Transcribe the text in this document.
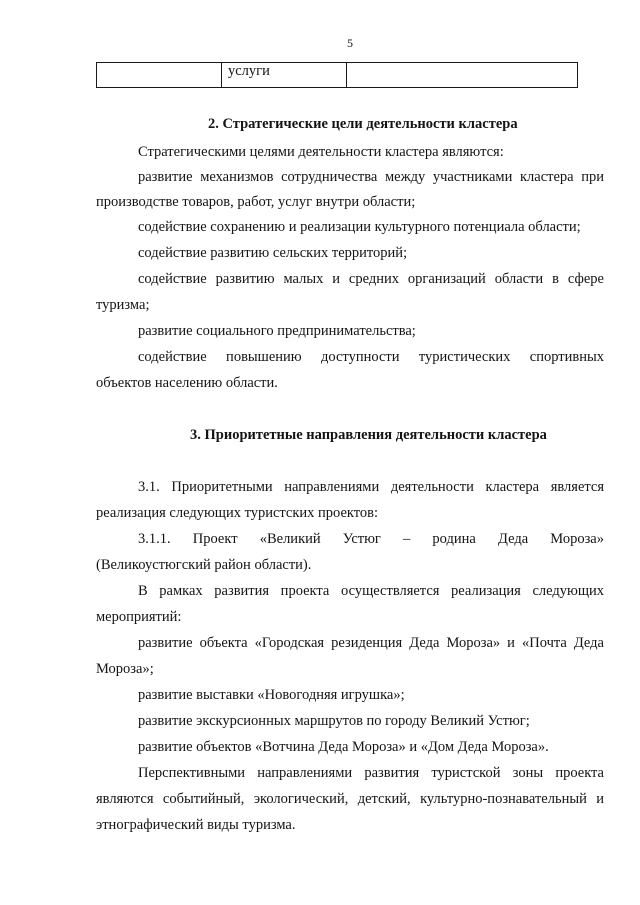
5
	услуги	
2. Стратегические цели деятельности кластера
Стратегическими целями деятельности кластера являются:
развитие механизмов сотрудничества между участниками кластера при
производстве товаров, работ, услуг внутри области;
содействие сохранению и реализации культурного потенциала области;
содействие развитию сельских территорий;
содействие развитию малых и средних организаций области в сфере
туризма;
развитие социального предпринимательства;
содействие повышению доступности туристических спортивных
объектов населению области.
3. Приоритетные направления деятельности кластера
3.1. Приоритетными направлениями деятельности кластера является
реализация следующих туристских проектов:
3.1.1. Проект «Великий Устюг – родина Деда Мороза»
(Великоустюгский район области).
В рамках развития проекта осуществляется реализация следующих
мероприятий:
развитие объекта «Городская резиденция Деда Мороза» и «Почта Деда
Мороза»;
развитие выставки «Новогодняя игрушка»;
развитие экскурсионных маршрутов по городу Великий Устюг;
развитие объектов «Вотчина Деда Мороза» и «Дом Деда Мороза».
Перспективными направлениями развития туристской зоны проекта
являются событийный, экологический, детский, культурно-познавательный и
этнографический виды туризма.
